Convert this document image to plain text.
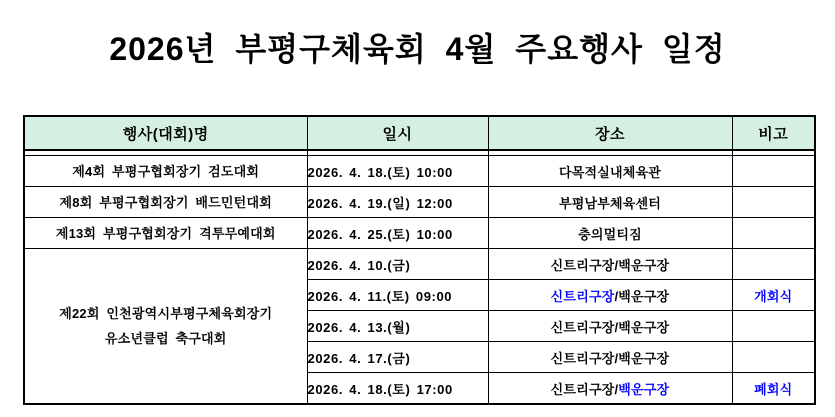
2026년 부평구체육회 4월 주요행사 일정
행사(대회)명	일시	장소	비고

제4회 부평구협회장기 검도대회	2026. 4. 18.(토) 10:00	다목적실내체육관	

제8회 부평구협회장기 배드민턴대회	2026. 4. 19.(일) 12:00	부평남부체육센터	

제13회 부평구협회장기 격투무예대회	2026. 4. 25.(토) 10:00	충의멀티짐	

제22회 인천광역시부평구체육회장기
유소년클럽 축구대회	2026. 4. 10.(금)	신트리구장/백운구장	
	2026. 4. 11.(토) 09:00	신트리구장/백운구장	개회식
	2026. 4. 13.(월)	신트리구장/백운구장	
	2026. 4. 17.(금)	신트리구장/백운구장	
	2026. 4. 18.(토) 17:00	신트리구장/백운구장	폐회식
